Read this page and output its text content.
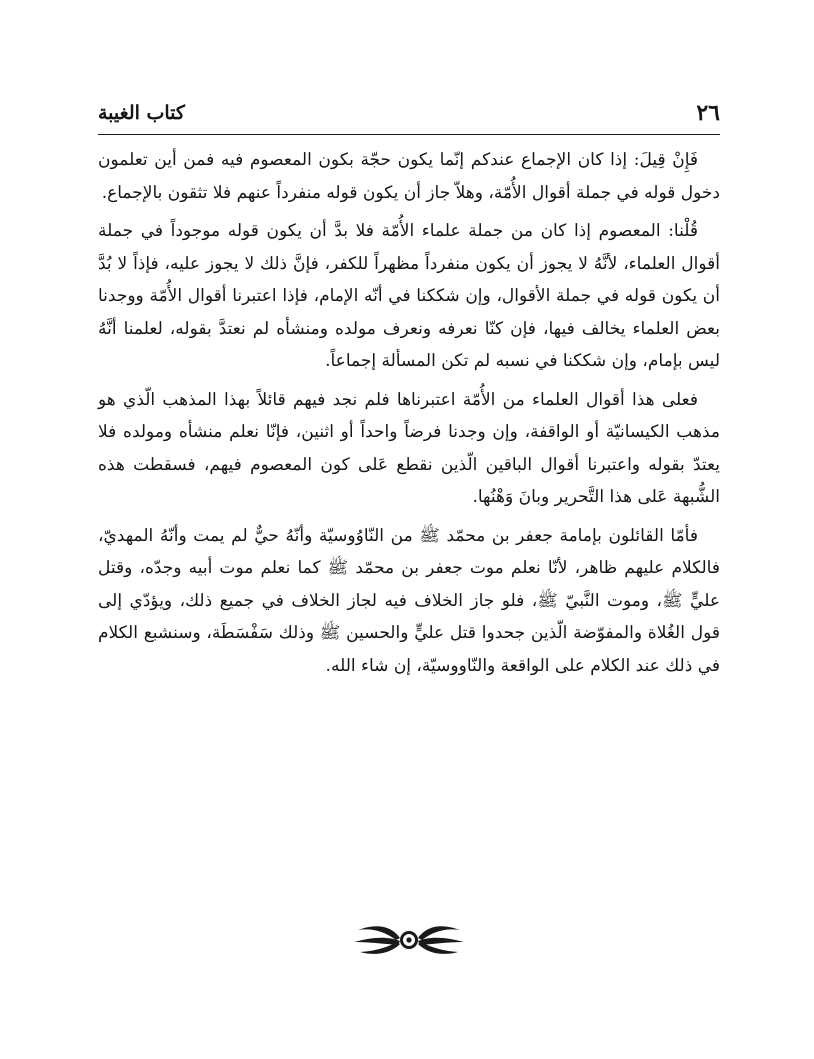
٢٦
كتاب الغيبة

فَإِنْ قِيلَ: إذا كان الإجماع عندكم إنّما يكون حجّة بكون المعصوم فيه فمن أين تعلمون دخول قوله في جملة أقوال الأُمّة، وهلاّ جاز أن يكون قوله منفرداً عنهم فلا تثقون بالإجماع.

قُلْنا: المعصوم إذا كان من جملة علماء الأُمّة فلا بدَّ أن يكون قوله موجوداً في جملة أقوال العلماء، لأنَّهُ لا يجوز أن يكون منفرداً مظهراً للكفر، فإنَّ ذلك لا يجوز عليه، فإذاً لا بُدَّ أن يكون قوله في جملة الأقوال، وإن شككنا في أنّه الإمام، فإذا اعتبرنا أقوال الأُمّة ووجدنا بعض العلماء يخالف فيها، فإن كنّا نعرفه ونعرف مولده ومنشأه لم نعتدَّ بقوله، لعلمنا أنَّهُ ليس بإمام، وإن شككنا في نسبه لم تكن المسألة إجماعاً.

فعلى هذا أقوال العلماء من الأُمّة اعتبرناها فلم نجد فيهم قائلاً بهذا المذهب الّذي هو مذهب الكيسانيّة أو الواقفة، وإن وجدنا فرضاً واحداً أو اثنين، فإنّا نعلم منشأه ومولده فلا يعتدّ بقوله واعتبرنا أقوال الباقين الّذين نقطع عَلى كون المعصوم فيهم، فسقطت هذه الشُّبهة عَلى هذا التَّحرير وبانَ وَهْنُها.

فأمّا القائلون بإمامة جعفر بن محمّد ﷺ من النّاوُوسيّة وأنّهُ حيٌّ لم يمت وأنّهُ المهديّ، فالكلام عليهم ظاهر، لأنّا نعلم موت جعفر بن محمّد ﷺ كما نعلم موت أبيه وجدّه، وقتل عليٍّ ﷺ، وموت النَّبيّ ﷺ، فلو جاز الخلاف فيه لجاز الخلاف في جميع ذلك، ويؤدّي إلى قول الغُلاة والمفوّضة الّذين جحدوا قتل عليٍّ والحسين ﷺ وذلك سَفْسَطَة، وسنشبع الكلام في ذلك عند الكلام على الواقعة والنّاووسيّة، إن شاء الله.
